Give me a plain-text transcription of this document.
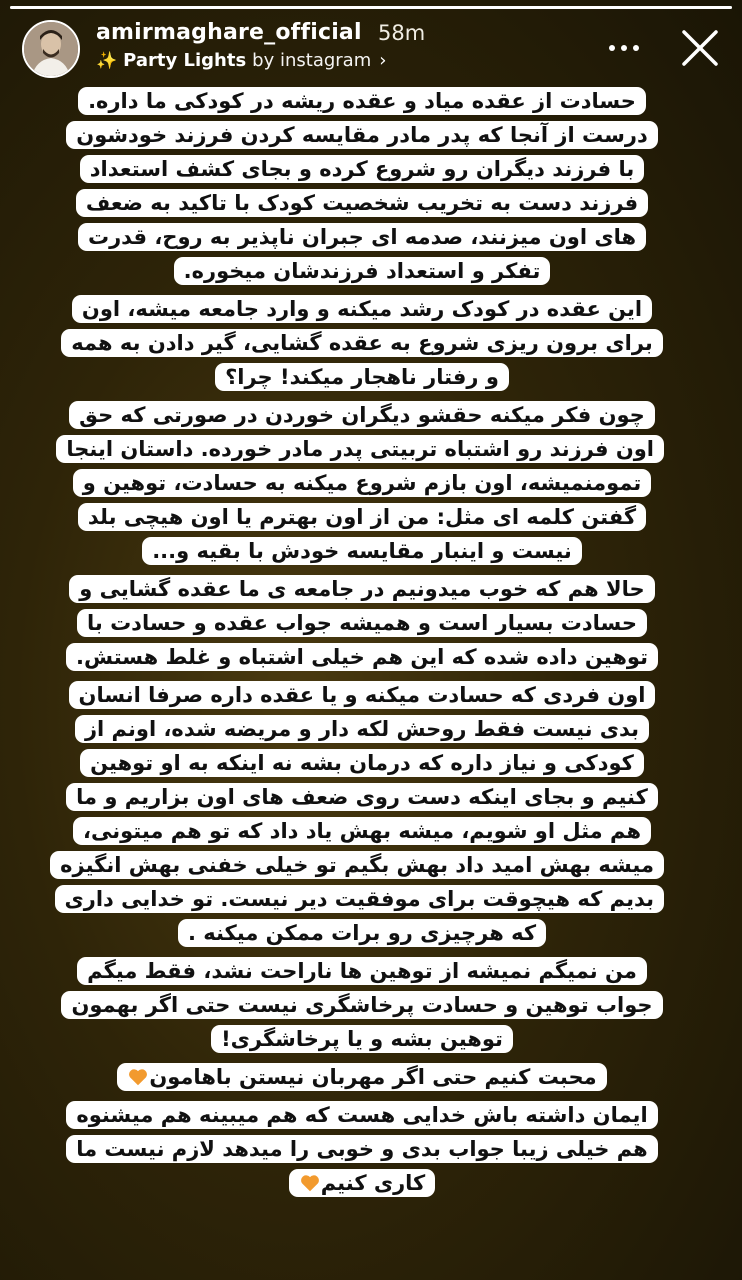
amirmaghare_official 58m
✨ Party Lights by instagram ›
حسادت از عقده میاد و عقده ریشه در کودکی ما داره. درست از آنجا که پدر مادر مقایسه کردن فرزند خودشون با فرزند دیگران رو شروع کرده و بجای کشف استعداد فرزند دست به تخریب شخصیت کودک با تاکید به ضعف های اون میزنند، صدمه ای جبران ناپذیر به روح، قدرت تفکر و استعداد فرزندشان میخوره.
این عقده در کودک رشد میکنه و وارد جامعه میشه، اون برای برون ریزی شروع به عقده گشایی، گیر دادن به همه و رفتار ناهجار میکند! چرا؟
چون فکر میکنه حقشو دیگران خوردن در صورتی که حق اون فرزند رو اشتباه تربیتی پدر مادر خورده. داستان اینجا تمومنمیشه، اون بازم شروع میکنه به حسادت، توهین و گفتن کلمه ای مثل: من از اون بهترم یا اون هیچی بلد نیست و اینبار مقایسه خودش با بقیه و...
حالا هم که خوب میدونیم در جامعه ی ما عقده گشایی و حسادت بسیار است و همیشه جواب عقده و حسادت با توهین داده شده که این هم خیلی اشتباه و غلط هستش.
اون فردی که حسادت میکنه و یا عقده داره صرفا انسان بدی نیست فقط روحش لکه دار و مریضه شده، اونم از کودکی و نیاز داره که درمان بشه نه اینکه به او توهین کنیم و بجای اینکه دست روی ضعف های اون بزاریم و ما هم مثل او شویم، میشه بهش یاد داد که تو هم میتونی، میشه بهش امید داد بهش بگیم تو خیلی خفنی بهش انگیزه بدیم که هیچوقت برای موفقیت دیر نیست. تو خدایی داری که هرچیزی رو برات ممکن میکنه .
من نمیگم نمیشه از توهین ها ناراحت نشد، فقط میگم جواب توهین و حسادت پرخاشگری نیست حتی اگر بهمون توهین بشه و یا پرخاشگری!
محبت کنیم حتی اگر مهربان نیستن باهامون
ایمان داشته باش خدایی هست که هم میبینه هم میشنوه هم خیلی زیبا جواب بدی و خوبی را میدهد لازم نیست ما کاری کنیم
